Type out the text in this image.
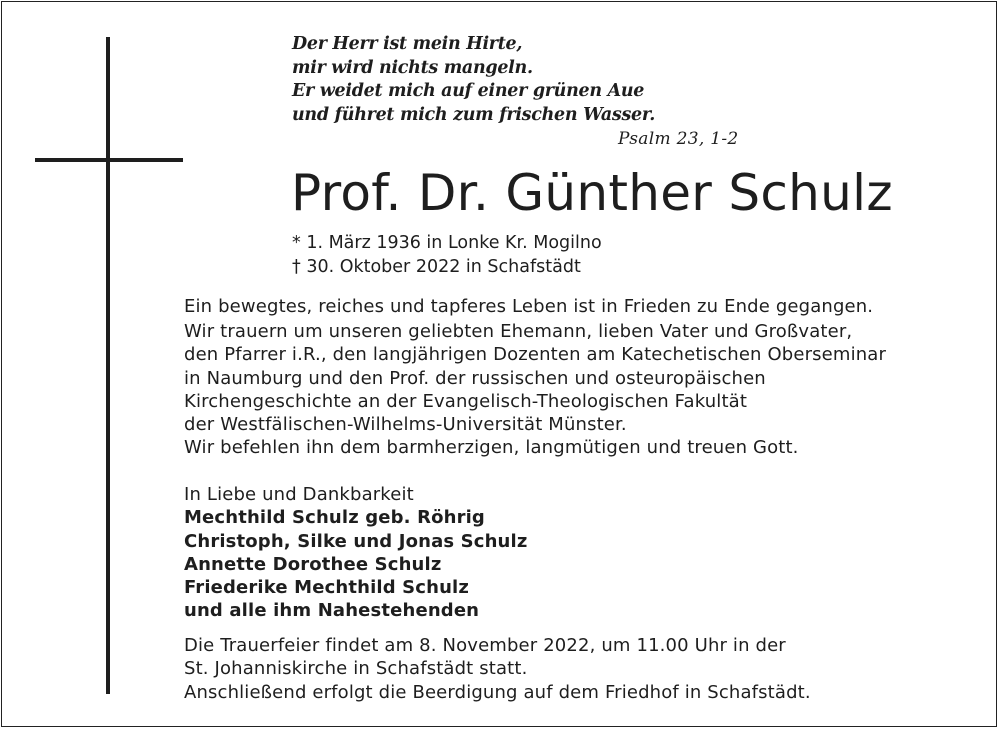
Der Herr ist mein Hirte,
mir wird nichts mangeln.
Er weidet mich auf einer grünen Aue
und führet mich zum frischen Wasser.
Psalm 23, 1-2
Prof. Dr. Günther Schulz
* 1. März 1936 in Lonke Kr. Mogilno
† 30. Oktober 2022 in Schafstädt
Ein bewegtes, reiches und tapferes Leben ist in Frieden zu Ende gegangen.
Wir trauern um unseren geliebten Ehemann, lieben Vater und Großvater,
den Pfarrer i.R., den langjährigen Dozenten am Katechetischen Oberseminar
in Naumburg und den Prof. der russischen und osteuropäischen
Kirchengeschichte an der Evangelisch-Theologischen Fakultät
der Westfälischen-Wilhelms-Universität Münster.
Wir befehlen ihn dem barmherzigen, langmütigen und treuen Gott.
In Liebe und Dankbarkeit
Mechthild Schulz geb. Röhrig
Christoph, Silke und Jonas Schulz
Annette Dorothee Schulz
Friederike Mechthild Schulz
und alle ihm Nahestehenden
Die Trauerfeier findet am 8. November 2022, um 11.00 Uhr in der
St. Johanniskirche in Schafstädt statt.
Anschließend erfolgt die Beerdigung auf dem Friedhof in Schafstädt.
